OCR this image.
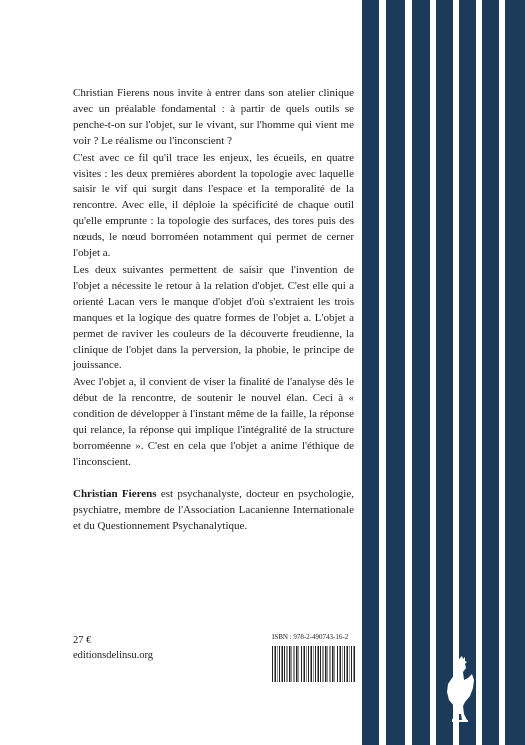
Christian Fierens nous invite à entrer dans son atelier clinique avec un préalable fondamental : à partir de quels outils se penche-t-on sur l'objet, sur le vivant, sur l'homme qui vient me voir ? Le réalisme ou l'inconscient ?

C'est avec ce fil qu'il trace les enjeux, les écueils, en quatre visites : les deux premières abordent la topologie avec laquelle saisir le vif qui surgit dans l'espace et la temporalité de la rencontre. Avec elle, il déploie la spécificité de chaque outil qu'elle emprunte : la topologie des surfaces, des tores puis des nœuds, le nœud borroméen notamment qui permet de cerner l'objet a.

Les deux suivantes permettent de saisir que l'invention de l'objet a nécessite le retour à la relation d'objet. C'est elle qui a orienté Lacan vers le manque d'objet d'où s'extraient les trois manques et la logique des quatre formes de l'objet a. L'objet a permet de raviver les couleurs de la découverte freudienne, la clinique de l'objet dans la perversion, la phobie, le principe de jouissance.

Avec l'objet a, il convient de viser la finalité de l'analyse dès le début de la rencontre, de soutenir le nouvel élan. Ceci à « condition de développer à l'instant même de la faille, la réponse qui relance, la réponse qui implique l'intégralité de la structure borroméenne ». C'est en cela que l'objet a anime l'éthique de l'inconscient.

Christian Fierens est psychanalyste, docteur en psychologie, psychiatre, membre de l'Association Lacanienne Internationale et du Questionnement Psychanalytique.

27 €
editionsdelinsu.org
ISBN : 978-2-490743-16-2
